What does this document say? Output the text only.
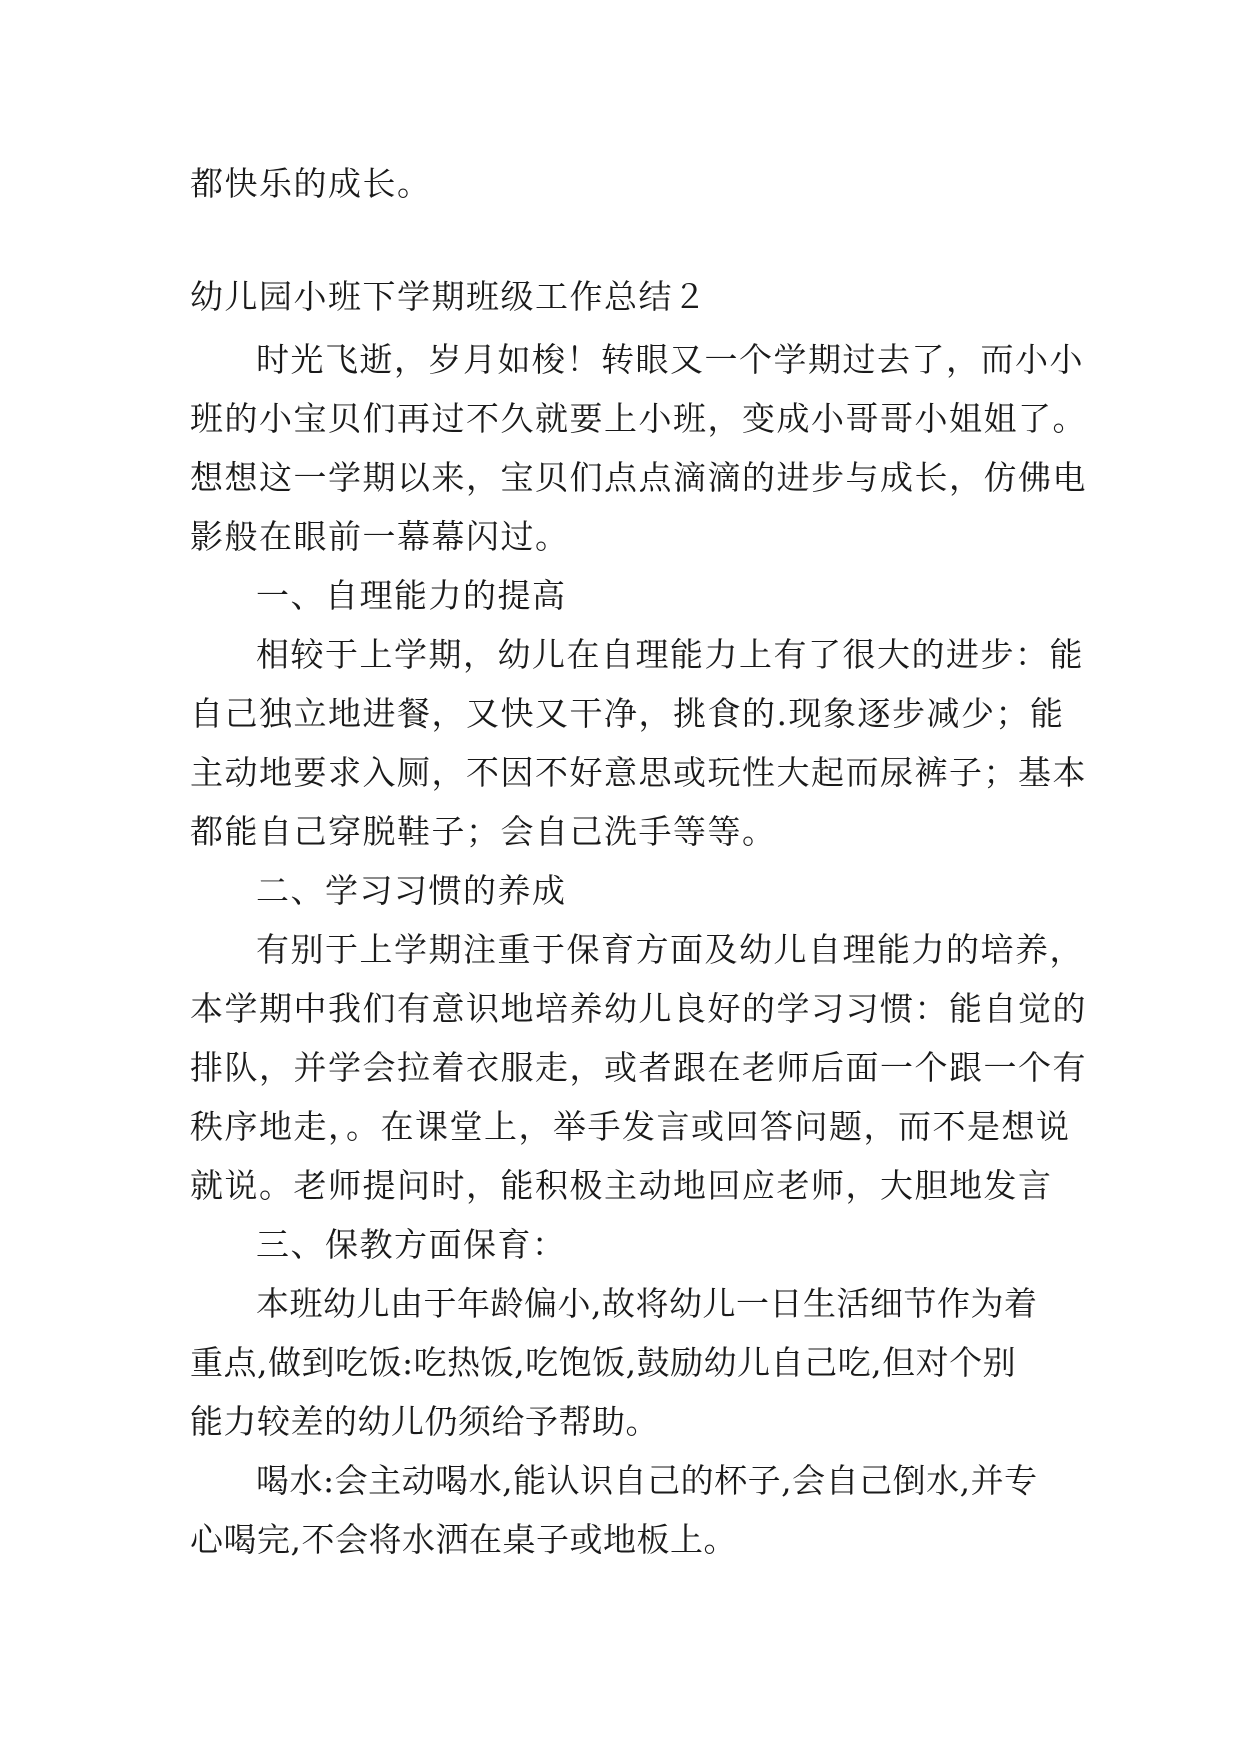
都快乐的成长。
幼儿园小班下学期班级工作总结２
时光飞逝，岁月如梭！转眼又一个学期过去了，而小小
班的小宝贝们再过不久就要上小班，变成小哥哥小姐姐了。
想想这一学期以来，宝贝们点点滴滴的进步与成长，仿佛电
影般在眼前一幕幕闪过。
一、自理能力的提高
相较于上学期，幼儿在自理能力上有了很大的进步：能
自己独立地进餐，又快又干净，挑食的.现象逐步减少；能
主动地要求入厕，不因不好意思或玩性大起而尿裤子；基本
都能自己穿脱鞋子；会自己洗手等等。
二、学习习惯的养成
有别于上学期注重于保育方面及幼儿自理能力的培养，
本学期中我们有意识地培养幼儿良好的学习习惯：能自觉的
排队，并学会拉着衣服走，或者跟在老师后面一个跟一个有
秩序地走，。在课堂上，举手发言或回答问题，而不是想说
就说。老师提问时，能积极主动地回应老师，大胆地发言
三、保教方面保育：
本班幼儿由于年龄偏小,故将幼儿一日生活细节作为着
重点,做到吃饭:吃热饭,吃饱饭,鼓励幼儿自己吃,但对个别
能力较差的幼儿仍须给予帮助。
喝水:会主动喝水,能认识自己的杯子,会自己倒水,并专
心喝完,不会将水洒在桌子或地板上。
